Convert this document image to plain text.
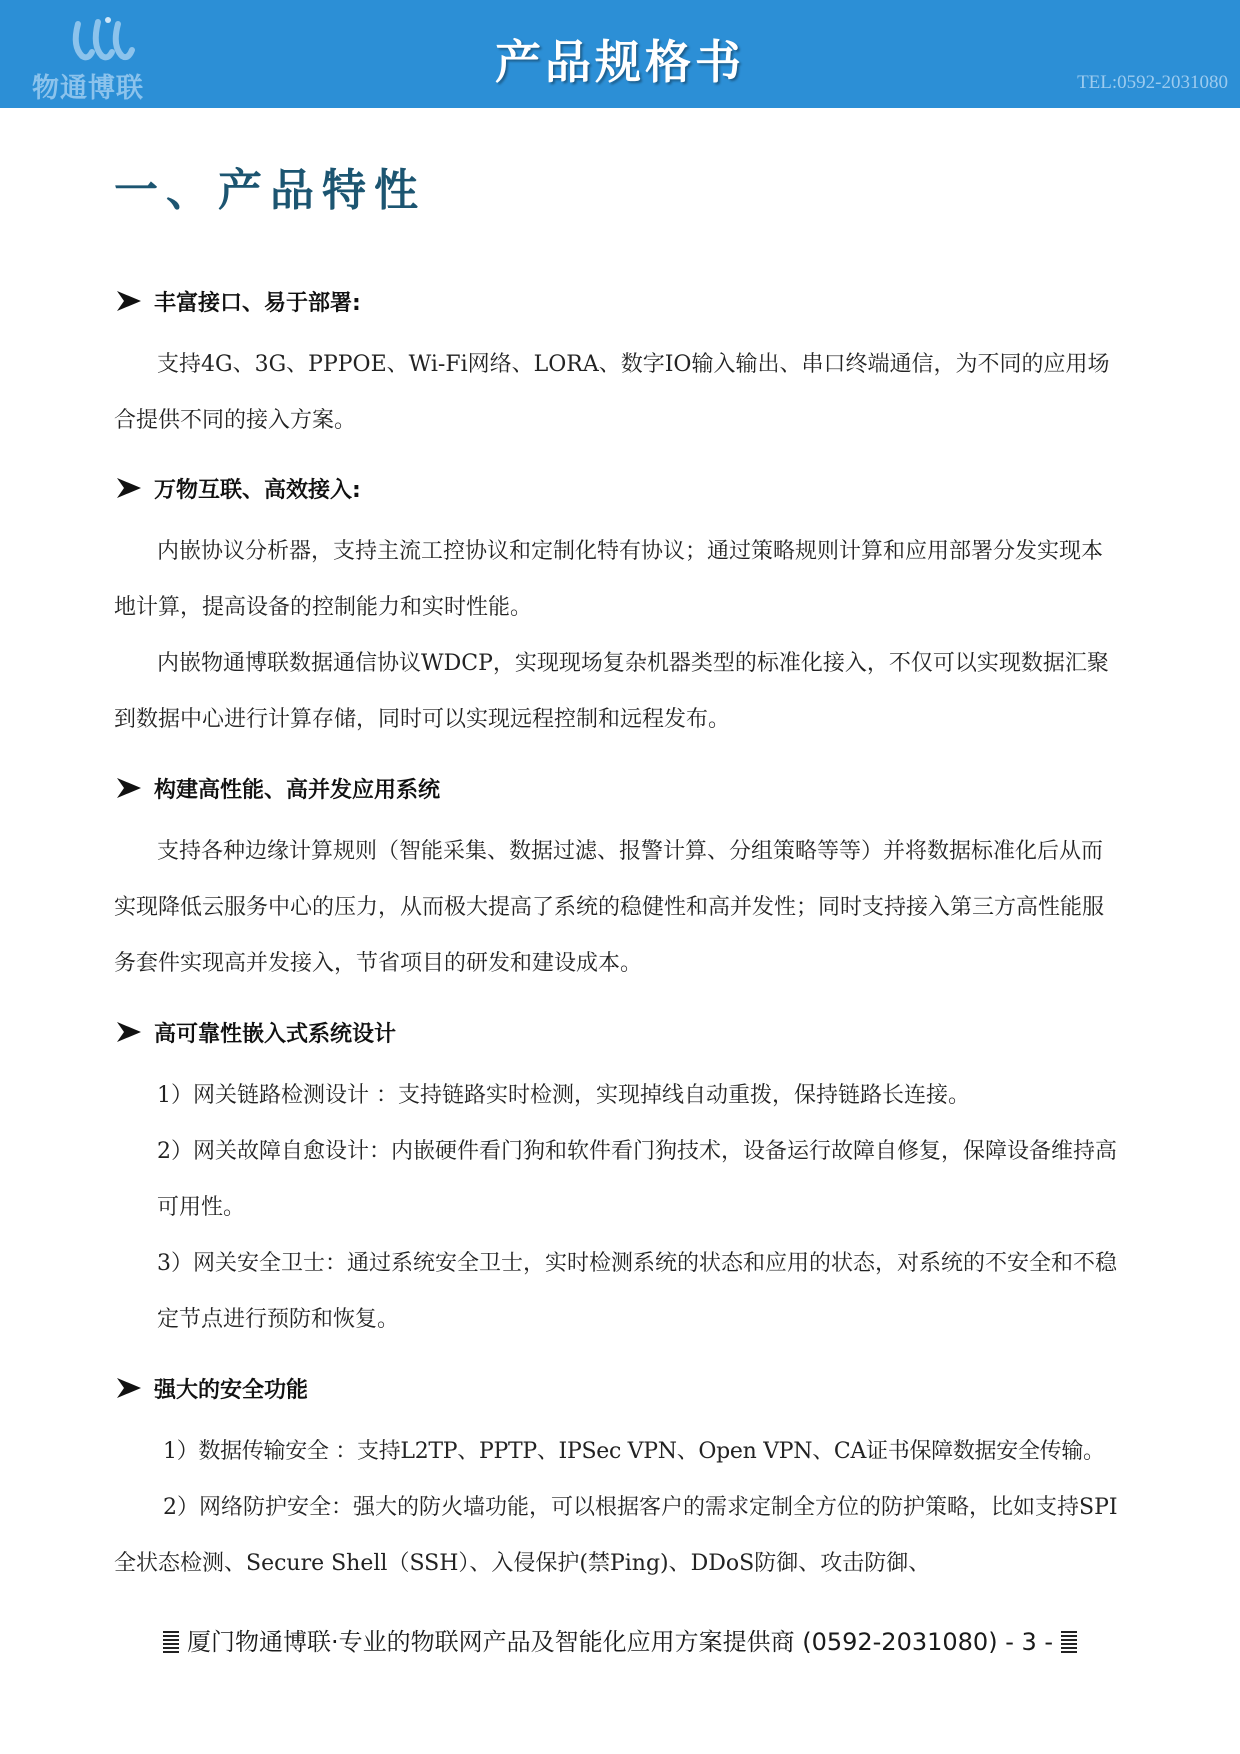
物通博联	产品规格书	TEL:0592-2031080
一、产品特性
丰富接口、易于部署:
支持4G、3G、PPPOE、Wi-Fi网络、LORA、数字IO输入输出、串口终端通信，为不同的应用场合提供不同的接入方案。
万物互联、高效接入:
内嵌协议分析器，支持主流工控协议和定制化特有协议；通过策略规则计算和应用部署分发实现本地计算，提高设备的控制能力和实时性能。
内嵌物通博联数据通信协议WDCP，实现现场复杂机器类型的标准化接入，不仅可以实现数据汇聚到数据中心进行计算存储，同时可以实现远程控制和远程发布。
构建高性能、高并发应用系统
支持各种边缘计算规则（智能采集、数据过滤、报警计算、分组策略等等）并将数据标准化后从而实现降低云服务中心的压力，从而极大提高了系统的稳健性和高并发性；同时支持接入第三方高性能服务套件实现高并发接入，节省项目的研发和建设成本。
高可靠性嵌入式系统设计
1）网关链路检测设计 ：支持链路实时检测，实现掉线自动重拨，保持链路长连接。
2）网关故障自愈设计：内嵌硬件看门狗和软件看门狗技术，设备运行故障自修复，保障设备维持高可用性。
3）网关安全卫士：通过系统安全卫士，实时检测系统的状态和应用的状态，对系统的不安全和不稳定节点进行预防和恢复。
强大的安全功能
1）数据传输安全 ：支持L2TP、PPTP、IPSec VPN、Open VPN、CA证书保障数据安全传输。
2）网络防护安全：强大的防火墙功能，可以根据客户的需求定制全方位的防护策略，比如支持SPI全状态检测、Secure Shell（SSH）、入侵保护(禁Ping)、DDoS防御、攻击防御、
厦门物通博联·专业的物联网产品及智能化应用方案提供商 (0592-2031080) - 3 -
